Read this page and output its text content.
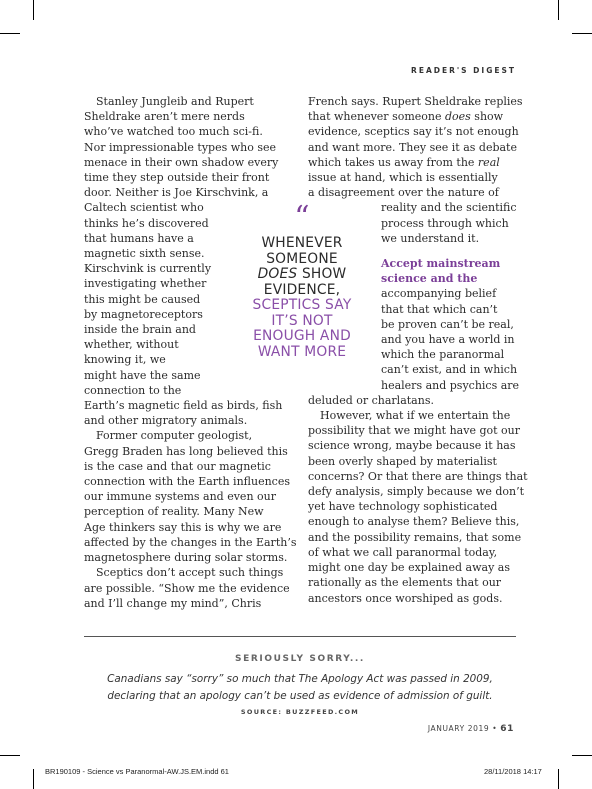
READER'S DIGEST
Stanley Jungleib and Rupert
Sheldrake aren’t mere nerds
who’ve watched too much sci-fi.
Nor impressionable types who see
menace in their own shadow every
time they step outside their front
door. Neither is Joe Kirschvink, a
Caltech scientist who
thinks he’s discovered
that humans have a
magnetic sixth sense.
Kirschvink is currently
investigating whether
this might be caused
by magnetoreceptors
inside the brain and
whether, without
knowing it, we
might have the same
connection to the
Earth’s magnetic field as birds, fish
and other migratory animals.
Former computer geologist,
Gregg Braden has long believed this
is the case and that our magnetic
connection with the Earth influences
our immune systems and even our
perception of reality. Many New
Age thinkers say this is why we are
affected by the changes in the Earth’s
magnetosphere during solar storms.
Sceptics don’t accept such things
are possible. “Show me the evidence
and I’ll change my mind”, Chris
“
WHENEVER
SOMEONE
DOES SHOW
EVIDENCE,
SCEPTICS SAY
IT’S NOT
ENOUGH AND
WANT MORE
French says. Rupert Sheldrake replies
that whenever someone does show
evidence, sceptics say it’s not enough
and want more. They see it as debate
which takes us away from the real
issue at hand, which is essentially
a disagreement over the nature of
reality and the scientific
process through which
we understand it.
Accept mainstream
science and the
accompanying belief
that that which can’t
be proven can’t be real,
and you have a world in
which the paranormal
can’t exist, and in which
healers and psychics are
deluded or charlatans.
However, what if we entertain the
possibility that we might have got our
science wrong, maybe because it has
been overly shaped by materialist
concerns? Or that there are things that
defy analysis, simply because we don’t
yet have technology sophisticated
enough to analyse them? Believe this,
and the possibility remains, that some
of what we call paranormal today,
might one day be explained away as
rationally as the elements that our
ancestors once worshiped as gods.
SERIOUSLY SORRY...
Canadians say “sorry” so much that The Apology Act was passed in 2009,
declaring that an apology can’t be used as evidence of admission of guilt.
SOURCE: BUZZFEED.COM
JANUARY 2019 • 61
BR190109 - Science vs Paranormal-AW.JS.EM.indd 61	28/11/2018 14:17
